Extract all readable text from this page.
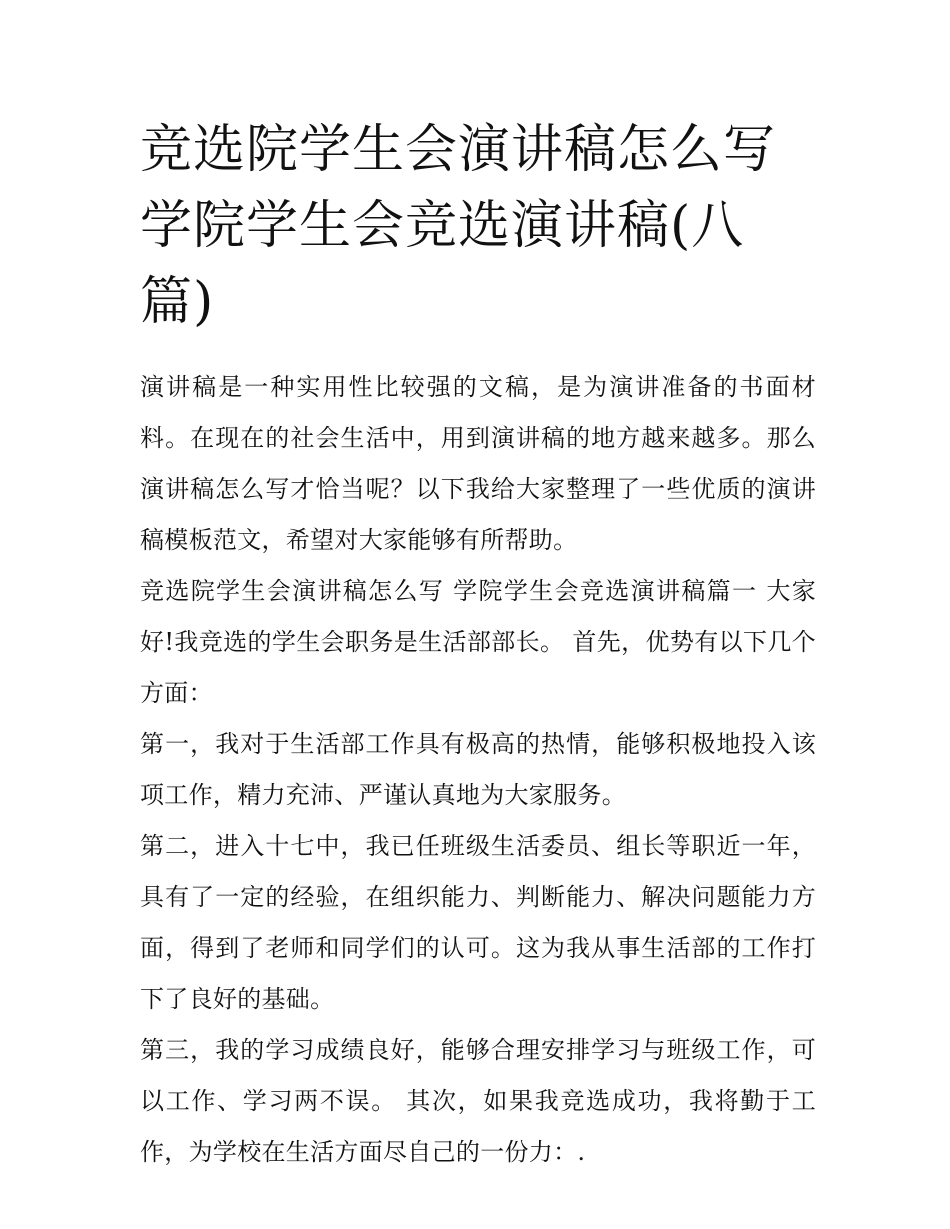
竞选院学生会演讲稿怎么写 学院学生会竞选演讲稿(八篇)

演讲稿是一种实用性比较强的文稿，是为演讲准备的书面材料。在现在的社会生活中，用到演讲稿的地方越来越多。那么演讲稿怎么写才恰当呢？以下我给大家整理了一些优质的演讲稿模板范文，希望对大家能够有所帮助。

竞选院学生会演讲稿怎么写 学院学生会竞选演讲稿篇一 大家好!我竞选的学生会职务是生活部部长。 首先，优势有以下几个方面：

第一，我对于生活部工作具有极高的热情，能够积极地投入该项工作，精力充沛、严谨认真地为大家服务。

第二，进入十七中，我已任班级生活委员、组长等职近一年，具有了一定的经验，在组织能力、判断能力、解决问题能力方面，得到了老师和同学们的认可。这为我从事生活部的工作打下了良好的基础。

第三，我的学习成绩良好，能够合理安排学习与班级工作，可以工作、学习两不误。 其次，如果我竞选成功，我将勤于工作，为学校在生活方面尽自己的一份力：.
